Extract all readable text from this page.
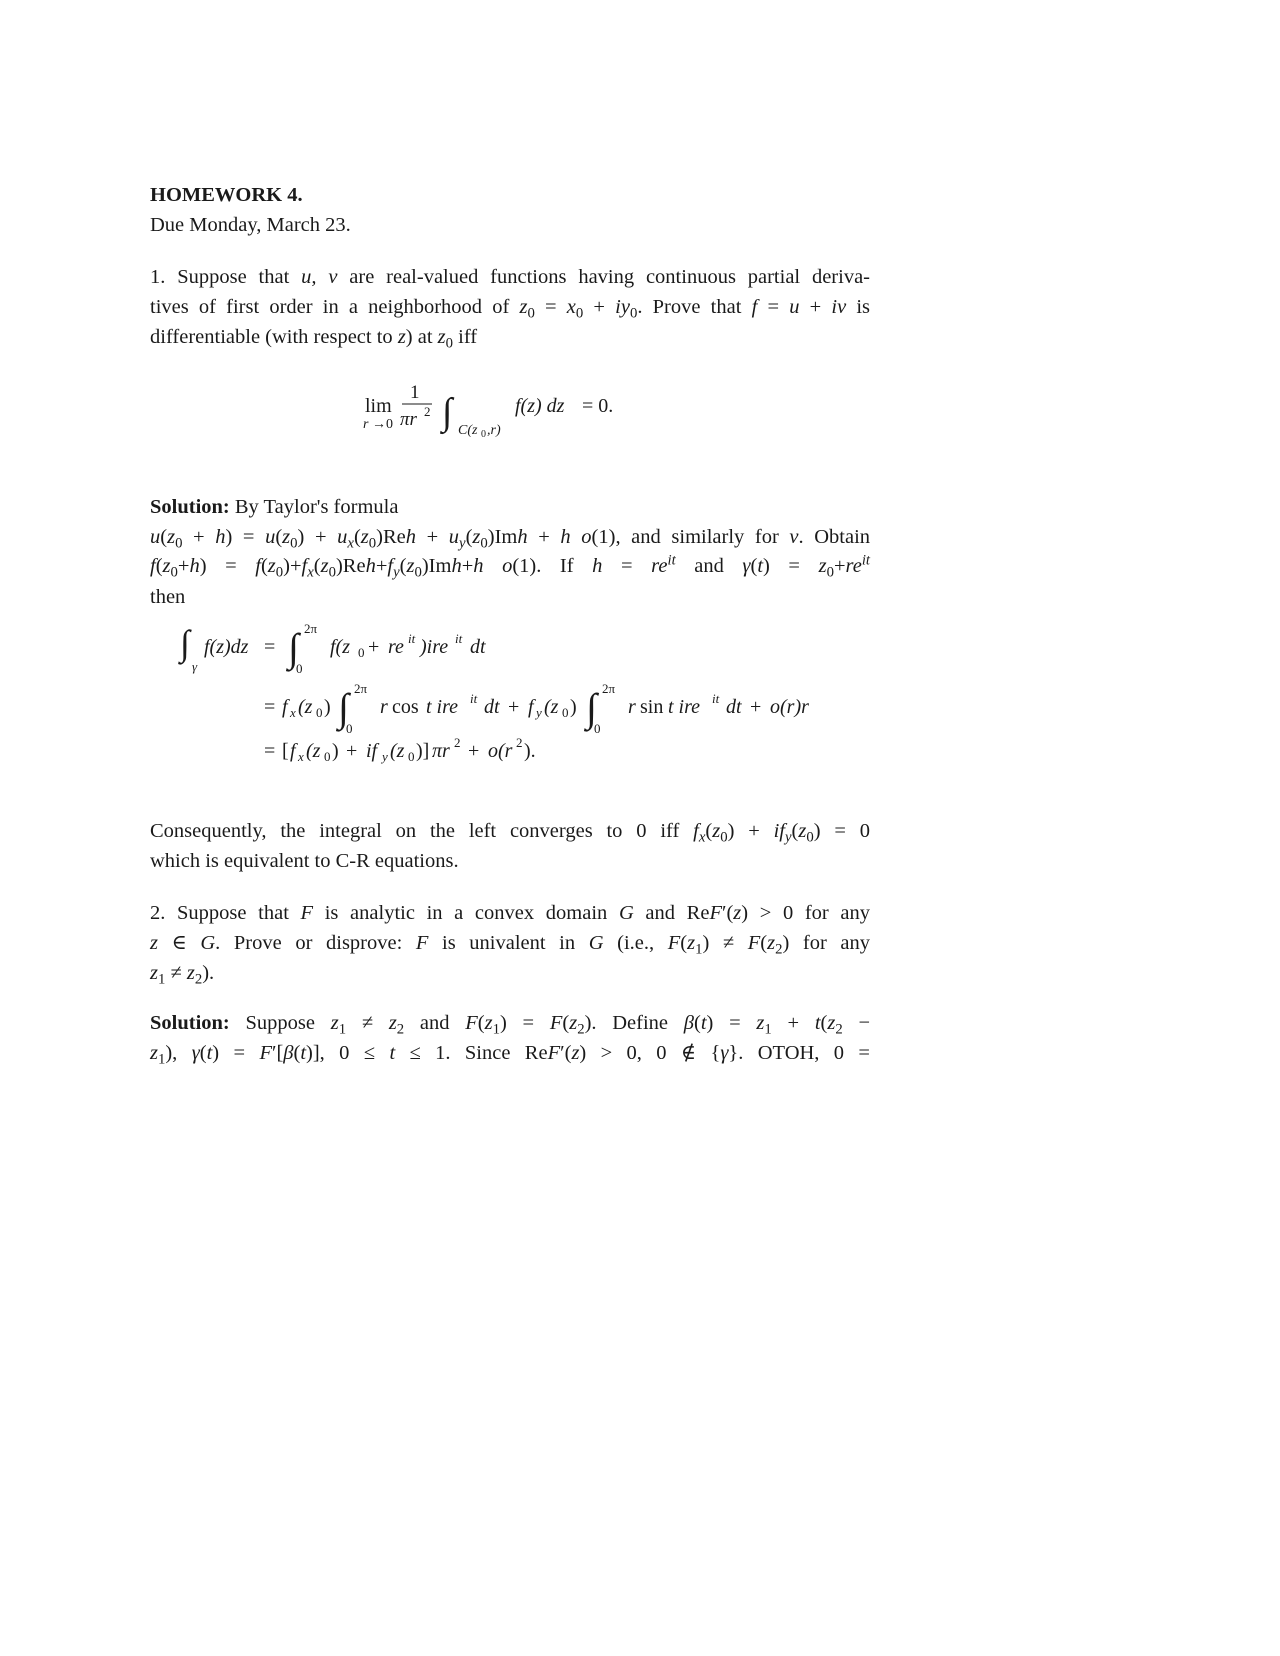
HOMEWORK 4.
Due Monday, March 23.
1. Suppose that u, v are real-valued functions having continuous partial deriva-
tives of first order in a neighborhood of $z_0 = x_0 + iy_0$. Prove that f = u + iv is
differentiable (with respect to z) at $z_0$ iff
lim
r →0
1
πr 2 ∫ C(z 0 ,r)
f(z) dz = 0.
Solution: By Taylor's formula
$u(z_0 + h) = u(z_0) + u_x(z_0)Reh + u_y(z_0)Imh + h$ o(1), and similarly for v. Obtain
$f(z_0+h) = f(z_0)+f_x(z_0)Reh+f_y(z_0)Imh+h$ o(1). If $h = re^{it}$ and $\gamma(t) = z_0+re^{it}$
then
∫
γ
f(z)dz = ∫ 2π
0
f(z 0 + re it )ire it dt
= f x (z 0 ) ∫ 2π
0
r cos t ire it dt + f y (z 0 ) ∫ 2π
0
r sin t ire it dt + o(r)r
= [ f x (z 0 ) + if y (z 0 )] πr 2 + o(r 2 ).
Consequently, the integral on the left converges to 0 iff $f_x(z_0) + if_y(z_0) = 0$
which is equivalent to C-R equations.
2. Suppose that F is analytic in a convex domain G and ReF′(z) > 0 for any
z ∈ G. Prove or disprove: F is univalent in G (i.e., $F(z_1) \ne F(z_2)$ for any
$z_1 \ne z_2$).
Solution: Suppose $z_1 \ne z_2$ and $F(z_1) = F(z_2)$. Define $\beta(t) = z_1 + t(z_2$ −
$z_1$), γ(t) = F′[β(t)], 0 ≤ t ≤ 1. Since ReF′(z) > 0, 0 ∉ {γ}. OTOH, 0 =
